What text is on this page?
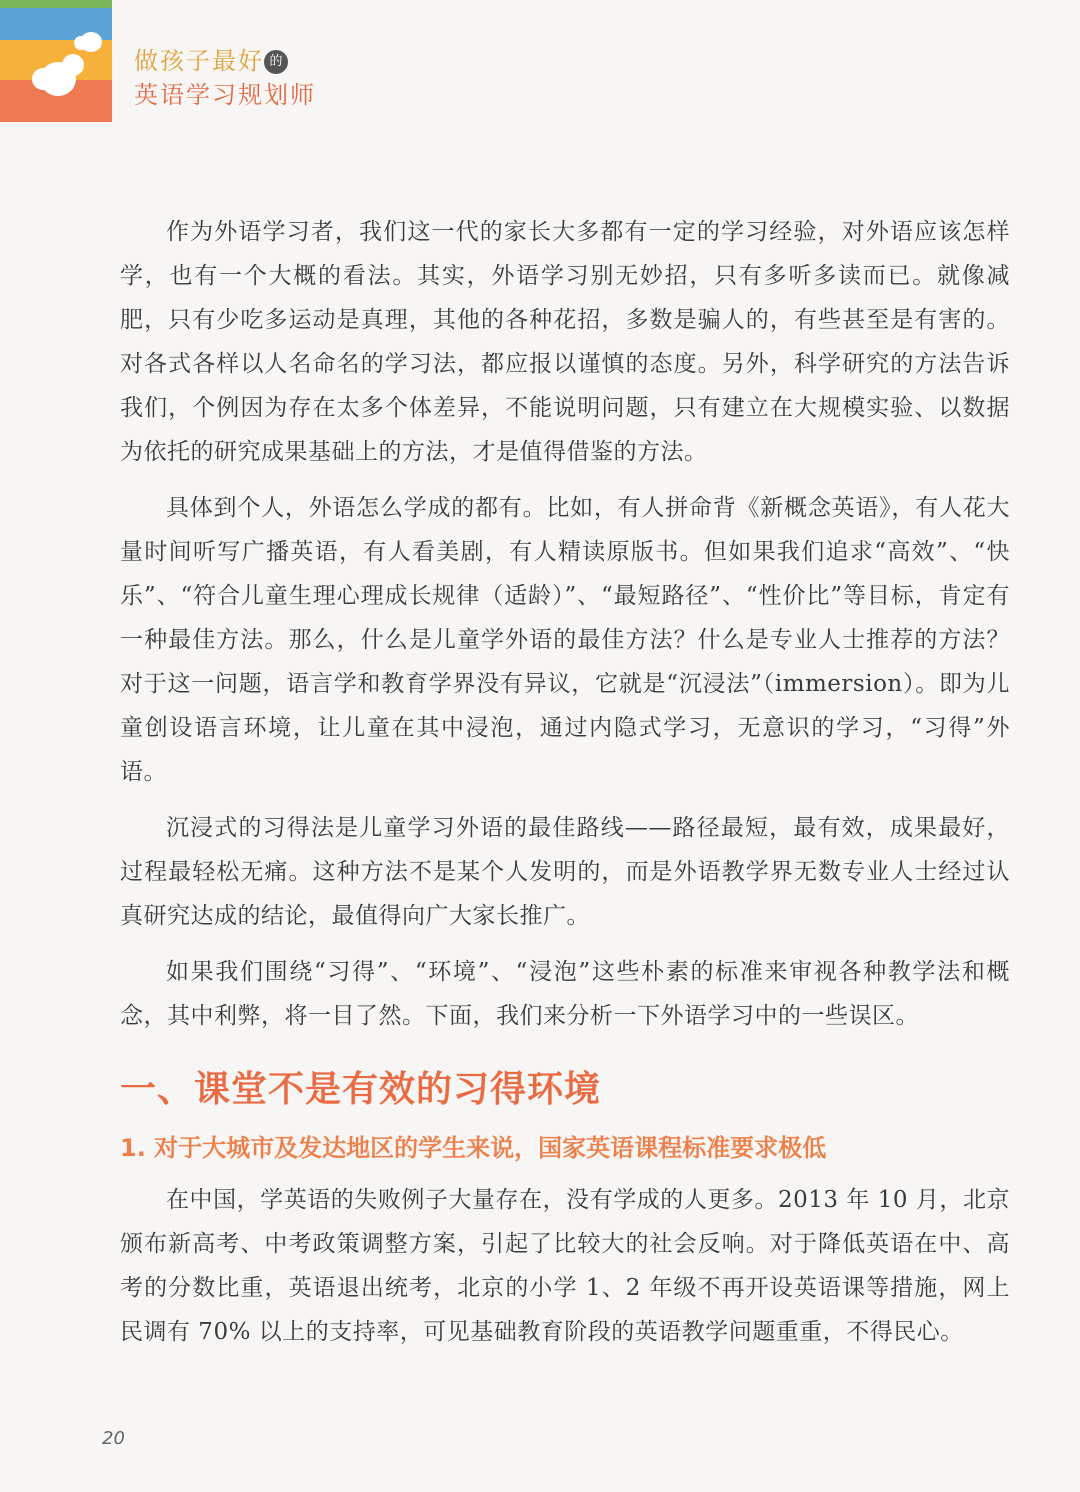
做孩子最好 的
英语学习规划师

作为外语学习者，我们这一代的家长大多都有一定的学习经验，对外语应该怎样学，也有一个大概的看法。其实，外语学习别无妙招，只有多听多读而已。就像减肥，只有少吃多运动是真理，其他的各种花招，多数是骗人的，有些甚至是有害的。对各式各样以人名命名的学习法，都应报以谨慎的态度。另外，科学研究的方法告诉我们，个例因为存在太多个体差异，不能说明问题，只有建立在大规模实验、以数据为依托的研究成果基础上的方法，才是值得借鉴的方法。

具体到个人，外语怎么学成的都有。比如，有人拼命背《新概念英语》，有人花大量时间听写广播英语，有人看美剧，有人精读原版书。但如果我们追求“高效”、“快乐”、“符合儿童生理心理成长规律（适龄）”、“最短路径”、“性价比”等目标，肯定有一种最佳方法。那么，什么是儿童学外语的最佳方法？什么是专业人士推荐的方法？对于这一问题，语言学和教育学界没有异议，它就是“沉浸法”（immersion）。即为儿童创设语言环境，让儿童在其中浸泡，通过内隐式学习，无意识的学习，“习得”外语。

沉浸式的习得法是儿童学习外语的最佳路线——路径最短，最有效，成果最好，过程最轻松无痛。这种方法不是某个人发明的，而是外语教学界无数专业人士经过认真研究达成的结论，最值得向广大家长推广。

如果我们围绕“习得”、“环境”、“浸泡”这些朴素的标准来审视各种教学法和概念，其中利弊，将一目了然。下面，我们来分析一下外语学习中的一些误区。

一、课堂不是有效的习得环境
1. 对于大城市及发达地区的学生来说，国家英语课程标准要求极低

在中国，学英语的失败例子大量存在，没有学成的人更多。2013 年 10 月，北京颁布新高考、中考政策调整方案，引起了比较大的社会反响。对于降低英语在中、高考的分数比重，英语退出统考，北京的小学 1、2 年级不再开设英语课等措施，网上民调有 70% 以上的支持率，可见基础教育阶段的英语教学问题重重，不得民心。

20
